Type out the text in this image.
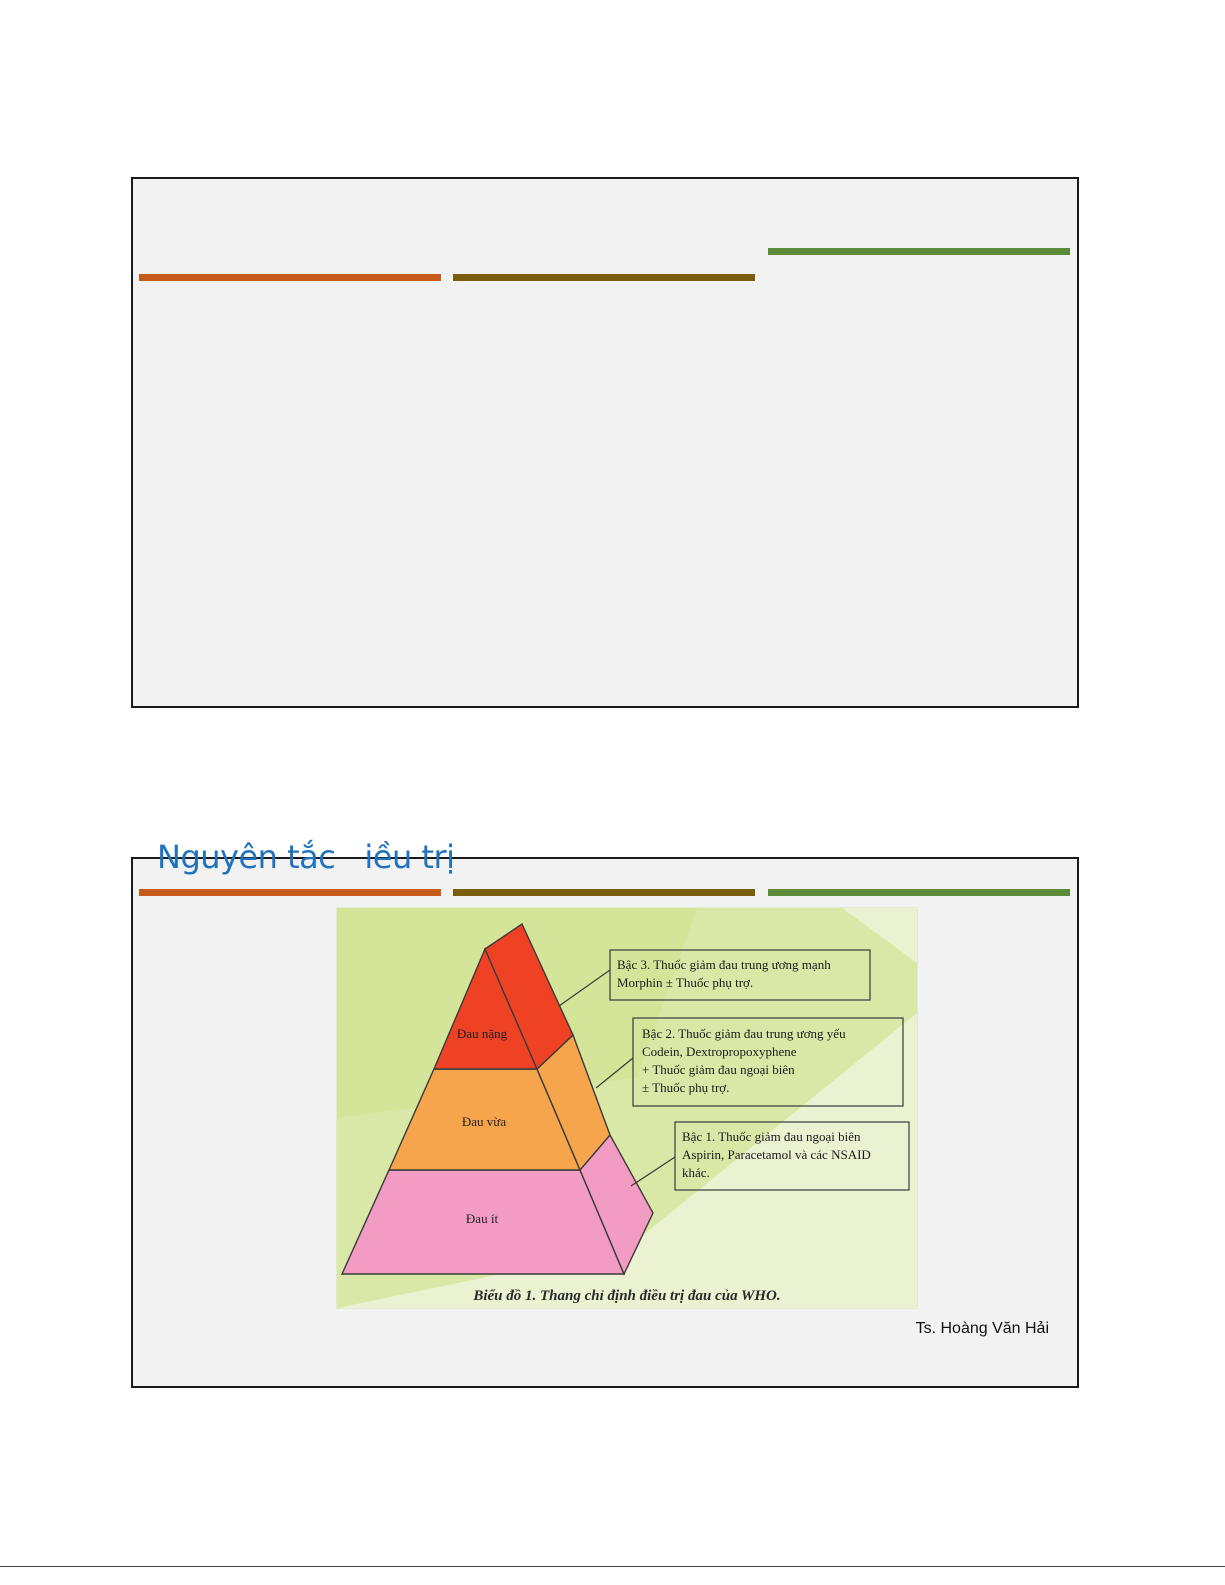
Nguyên tắc   iều trị
Đau nặng
Đau vừa
Đau ít
Bậc 3. Thuốc giảm đau trung ương mạnh
Morphin ± Thuốc phụ trợ.
Bậc 2. Thuốc giảm đau trung ương yếu
Codein, Dextropropoxyphene
+ Thuốc giảm đau ngoại biên
± Thuốc phụ trợ.
Bậc 1. Thuốc giảm đau ngoại biên
Aspirin, Paracetamol và các NSAID
khác.
Biểu đồ 1. Thang chỉ định điều trị đau của WHO.
Ts. Hoàng Văn Hải
